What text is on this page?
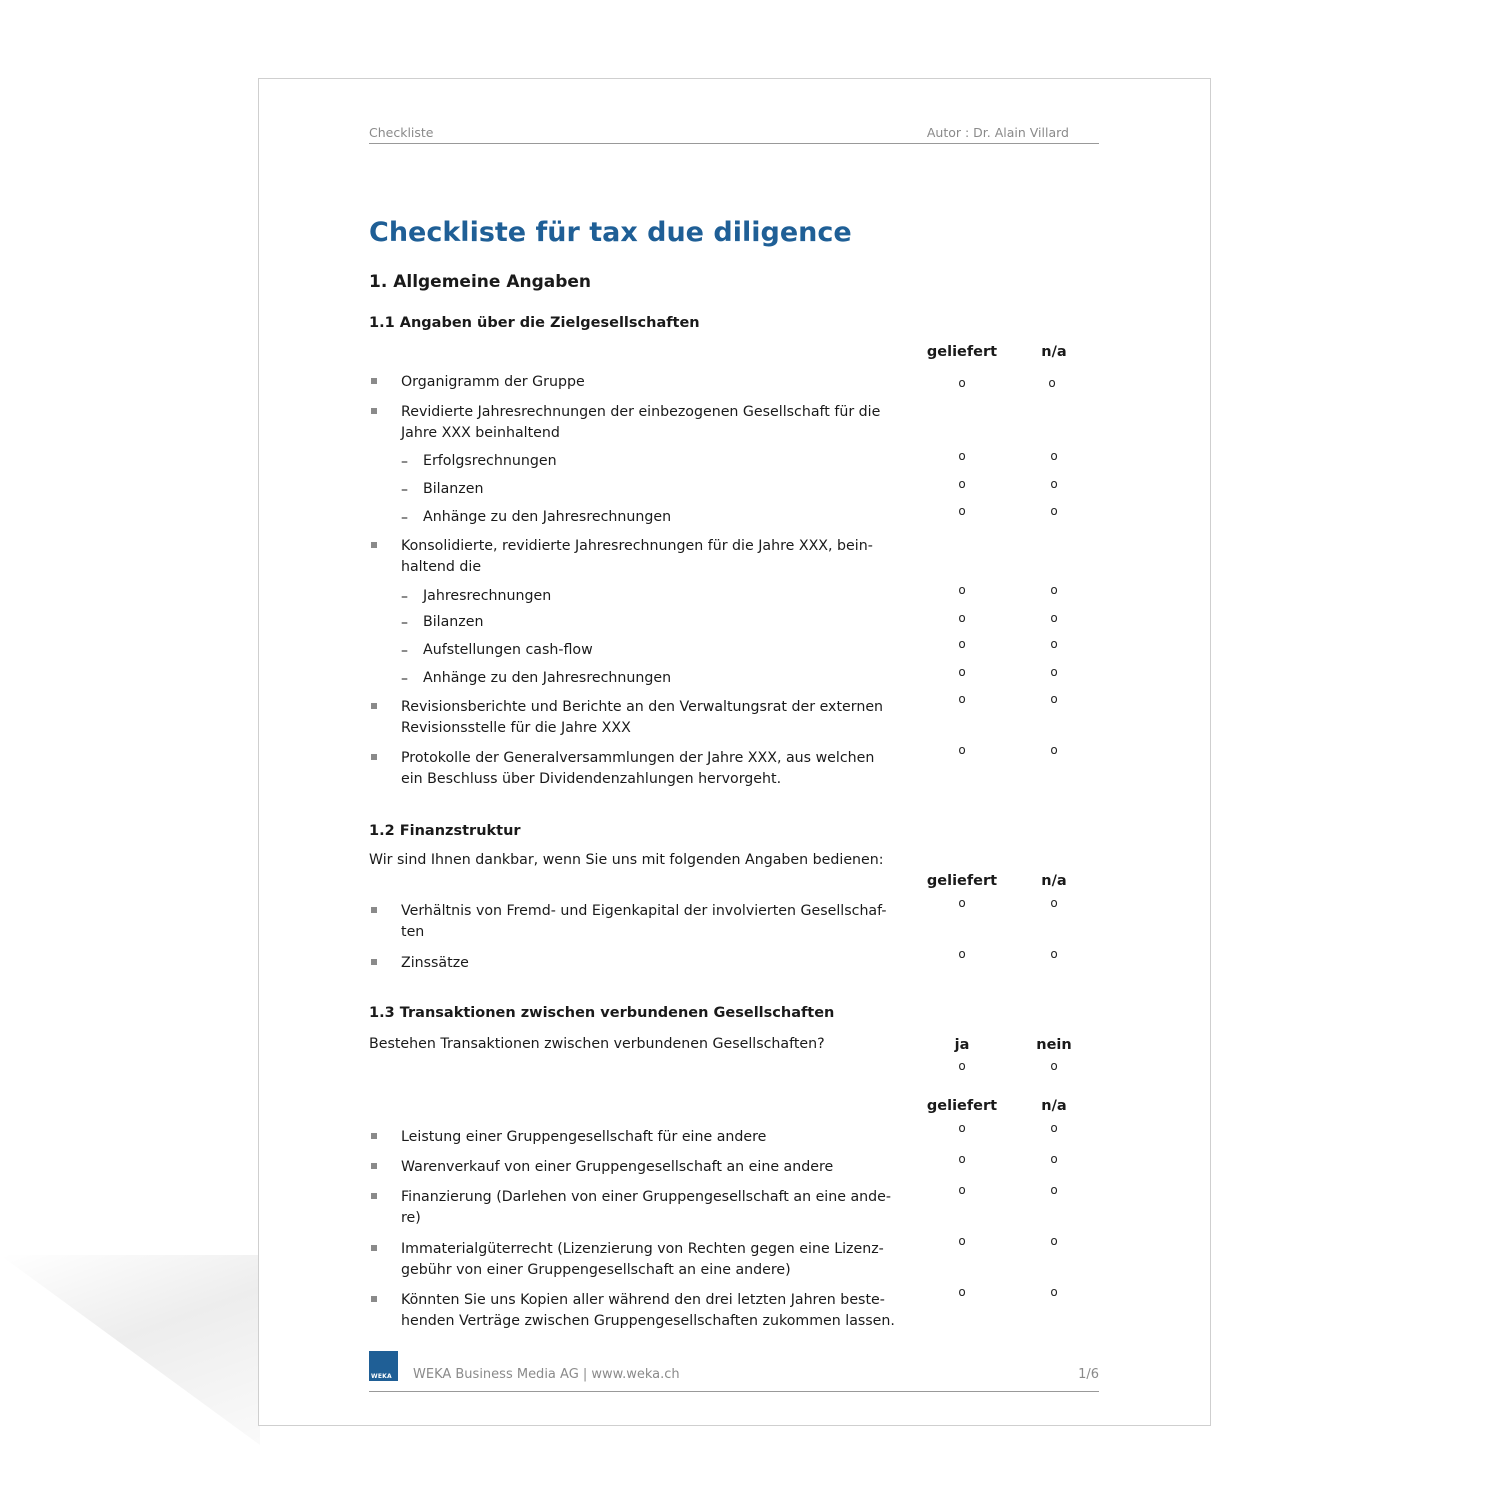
Checkliste	Autor : Dr. Alain Villard
Checkliste für tax due diligence
1. Allgemeine Angaben
1.1 Angaben über die Zielgesellschaften
geliefert	n/a
Organigramm der Gruppe	o	o
Revidierte Jahresrechnungen der einbezogenen Gesellschaft für die
Jahre XXX beinhaltend
– Erfolgsrechnungen	o	o
– Bilanzen	o	o
– Anhänge zu den Jahresrechnungen	o	o
Konsolidierte, revidierte Jahresrechnungen für die Jahre XXX, bein-
haltend die
– Jahresrechnungen	o	o
– Bilanzen	o	o
– Aufstellungen cash-flow	o	o
– Anhänge zu den Jahresrechnungen	o	o
Revisionsberichte und Berichte an den Verwaltungsrat der externen
Revisionsstelle für die Jahre XXX
o	o
Protokolle der Generalversammlungen der Jahre XXX, aus welchen
ein Beschluss über Dividendenzahlungen hervorgeht.
o	o
1.2 Finanzstruktur
Wir sind Ihnen dankbar, wenn Sie uns mit folgenden Angaben bedienen:
geliefert	n/a
Verhältnis von Fremd- und Eigenkapital der involvierten Gesellschaf-
ten
o	o
Zinssätze
o	o
1.3 Transaktionen zwischen verbundenen Gesellschaften
Bestehen Transaktionen zwischen verbundenen Gesellschaften?	ja	nein
o	o
geliefert	n/a
Leistung einer Gruppengesellschaft für eine andere
o	o
Warenverkauf von einer Gruppengesellschaft an eine andere	o	o
Finanzierung (Darlehen von einer Gruppengesellschaft an eine ande-
re)
o	o
Immaterialgüterrecht (Lizenzierung von Rechten gegen eine Lizenz-
gebühr von einer Gruppengesellschaft an eine andere)
o	o
Könnten Sie uns Kopien aller während den drei letzten Jahren beste-
henden Verträge zwischen Gruppengesellschaften zukommen lassen.
o	o
WEKA WEKA Business Media AG | www.weka.ch	1/6
